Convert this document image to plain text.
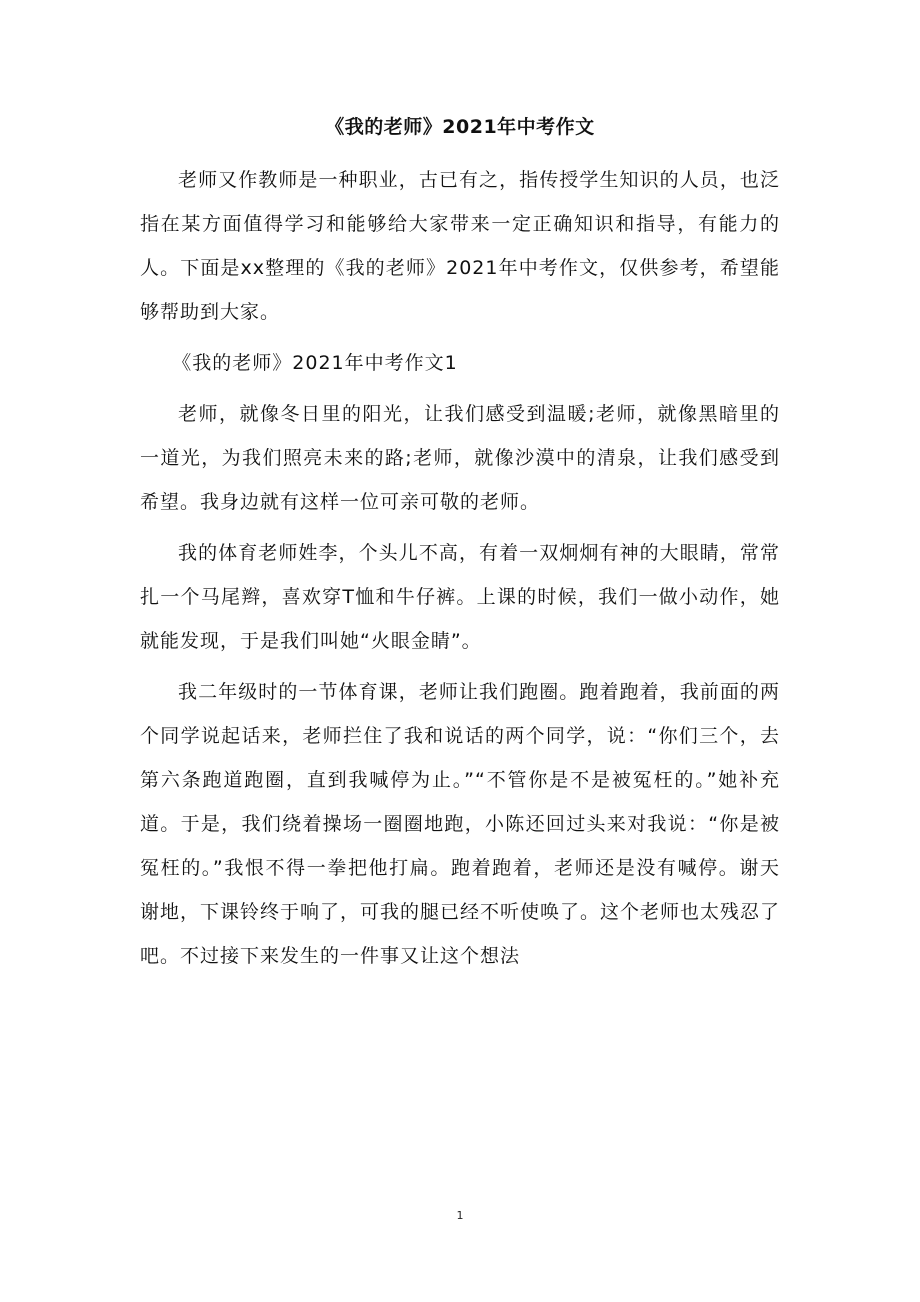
《我的老师》2021年中考作文

老师又作教师是一种职业，古已有之，指传授学生知识的人员，也泛指在某方面值得学习和能够给大家带来一定正确知识和指导，有能力的人。下面是xx整理的《我的老师》2021年中考作文，仅供参考，希望能够帮助到大家。

《我的老师》2021年中考作文1

老师，就像冬日里的阳光，让我们感受到温暖;老师，就像黑暗里的一道光，为我们照亮未来的路;老师，就像沙漠中的清泉，让我们感受到希望。我身边就有这样一位可亲可敬的老师。

我的体育老师姓李，个头儿不高，有着一双炯炯有神的大眼睛，常常扎一个马尾辫，喜欢穿T恤和牛仔裤。上课的时候，我们一做小动作，她就能发现，于是我们叫她“火眼金睛”。

我二年级时的一节体育课，老师让我们跑圈。跑着跑着，我前面的两个同学说起话来，老师拦住了我和说话的两个同学，说：“你们三个，去第六条跑道跑圈，直到我喊停为止。”“不管你是不是被冤枉的。”她补充道。于是，我们绕着操场一圈圈地跑，小陈还回过头来对我说：“你是被冤枉的。”我恨不得一拳把他打扁。跑着跑着，老师还是没有喊停。谢天谢地，下课铃终于响了，可我的腿已经不听使唤了。这个老师也太残忍了吧。不过接下来发生的一件事又让这个想法

1
